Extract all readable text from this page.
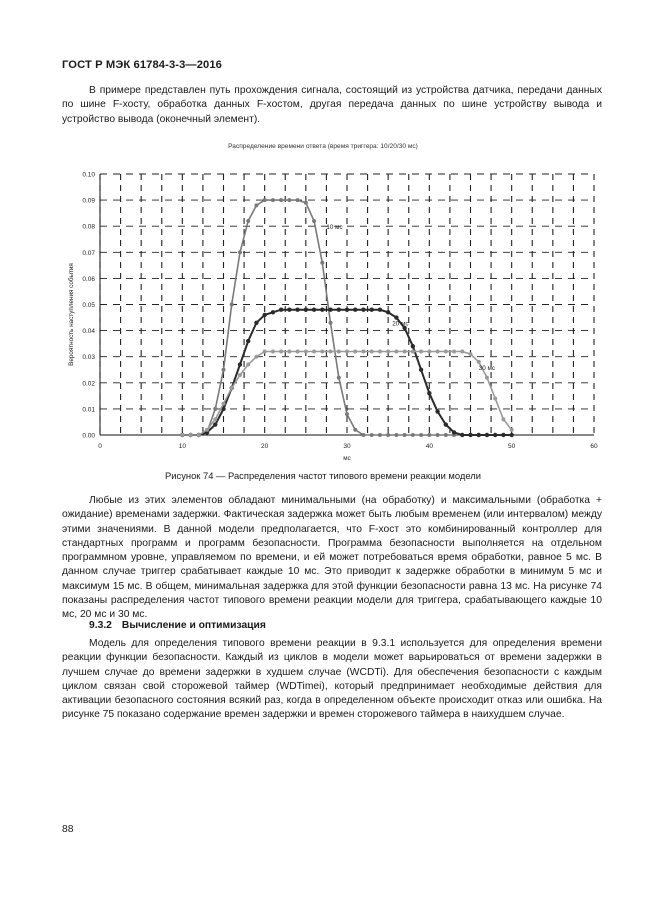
ГОСТ Р МЭК 61784-3-3—2016
В примере представлен путь прохождения сигнала, состоящий из устройства датчика, передачи данных по шине F-хосту, обработка данных F-хостом, другая передача данных по шине устройству вывода и устройство вывода (оконечный элемент).
Распределение времени ответа (время триггера: 10/20/30 мс)
0.00
0.01
0.02
0.03
0.04
0.05
0.06
0.07
0.08
0.09
0.10
0	10	20	30	40	50	60
мс
Вероятность наступления события
10 мс
20 мс
30 мс
Рисунок 74 — Распределения частот типового времени реакции модели
Любые из этих элементов обладают минимальными (на обработку) и максимальными (обработка + ожидание) временами задержки. Фактическая задержка может быть любым временем (или интервалом) между этими значениями. В данной модели предполагается, что F-хост это комбинированный контроллер для стандартных программ и программ безопасности. Программа безопасности выполняется на отдельном программном уровне, управляемом по времени, и ей может потребоваться время обработки, равное 5 мс. В данном случае триггер срабатывает каждые 10 мс. Это приводит к задержке обработки в минимум 5 мс и максимум 15 мс. В общем, минимальная задержка для этой функции безопасности равна 13 мс. На рисунке 74 показаны распределения частот типового времени реакции модели для триггера, срабатывающего каждые 10 мс, 20 мс и 30 мс.
9.3.2 Вычисление и оптимизация
Модель для определения типового времени реакции в 9.3.1 используется для определения времени реакции функции безопасности. Каждый из циклов в модели может варьироваться от времени задержки в лучшем случае до времени задержки в худшем случае (WCDTi). Для обеспечения безопасности с каждым циклом связан свой сторожевой таймер (WDTimei), который предпринимает необходимые действия для активации безопасного состояния всякий раз, когда в определенном объекте происходит отказ или ошибка. На рисунке 75 показано содержание времен задержки и времен сторожевого таймера в наихудшем случае.
88
